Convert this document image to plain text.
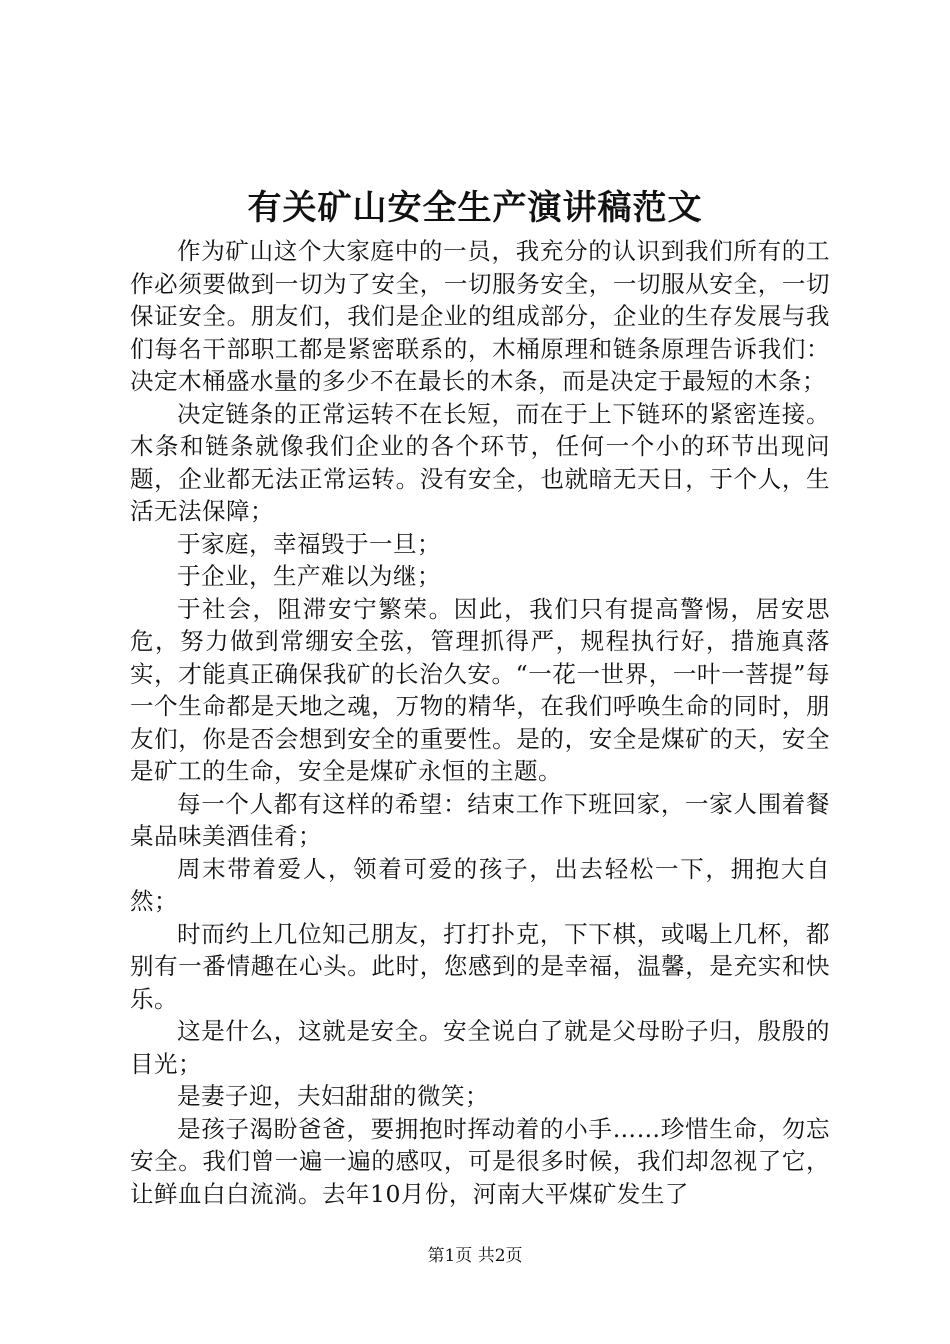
有关矿山安全生产演讲稿范文

作为矿山这个大家庭中的一员，我充分的认识到我们所有的工作必须要做到一切为了安全，一切服务安全，一切服从安全，一切保证安全。朋友们，我们是企业的组成部分，企业的生存发展与我们每名干部职工都是紧密联系的，木桶原理和链条原理告诉我们：决定木桶盛水量的多少不在最长的木条，而是决定于最短的木条；

决定链条的正常运转不在长短，而在于上下链环的紧密连接。木条和链条就像我们企业的各个环节，任何一个小的环节出现问题，企业都无法正常运转。没有安全，也就暗无天日，于个人，生活无法保障；

于家庭，幸福毁于一旦；

于企业，生产难以为继；

于社会，阻滞安宁繁荣。因此，我们只有提高警惕，居安思危，努力做到常绷安全弦，管理抓得严，规程执行好，措施真落实，才能真正确保我矿的长治久安。“一花一世界，一叶一菩提”每一个生命都是天地之魂，万物的精华，在我们呼唤生命的同时，朋友们，你是否会想到安全的重要性。是的，安全是煤矿的天，安全是矿工的生命，安全是煤矿永恒的主题。

每一个人都有这样的希望：结束工作下班回家，一家人围着餐桌品味美酒佳肴；

周末带着爱人，领着可爱的孩子，出去轻松一下，拥抱大自然；

时而约上几位知己朋友，打打扑克，下下棋，或喝上几杯，都别有一番情趣在心头。此时，您感到的是幸福，温馨，是充实和快乐。

这是什么，这就是安全。安全说白了就是父母盼子归，殷殷的目光；

是妻子迎，夫妇甜甜的微笑；

是孩子渴盼爸爸，要拥抱时挥动着的小手……珍惜生命，勿忘安全。我们曾一遍一遍的感叹，可是很多时候，我们却忽视了它，让鲜血白白流淌。去年10月份，河南大平煤矿发生了

第1页 共2页
